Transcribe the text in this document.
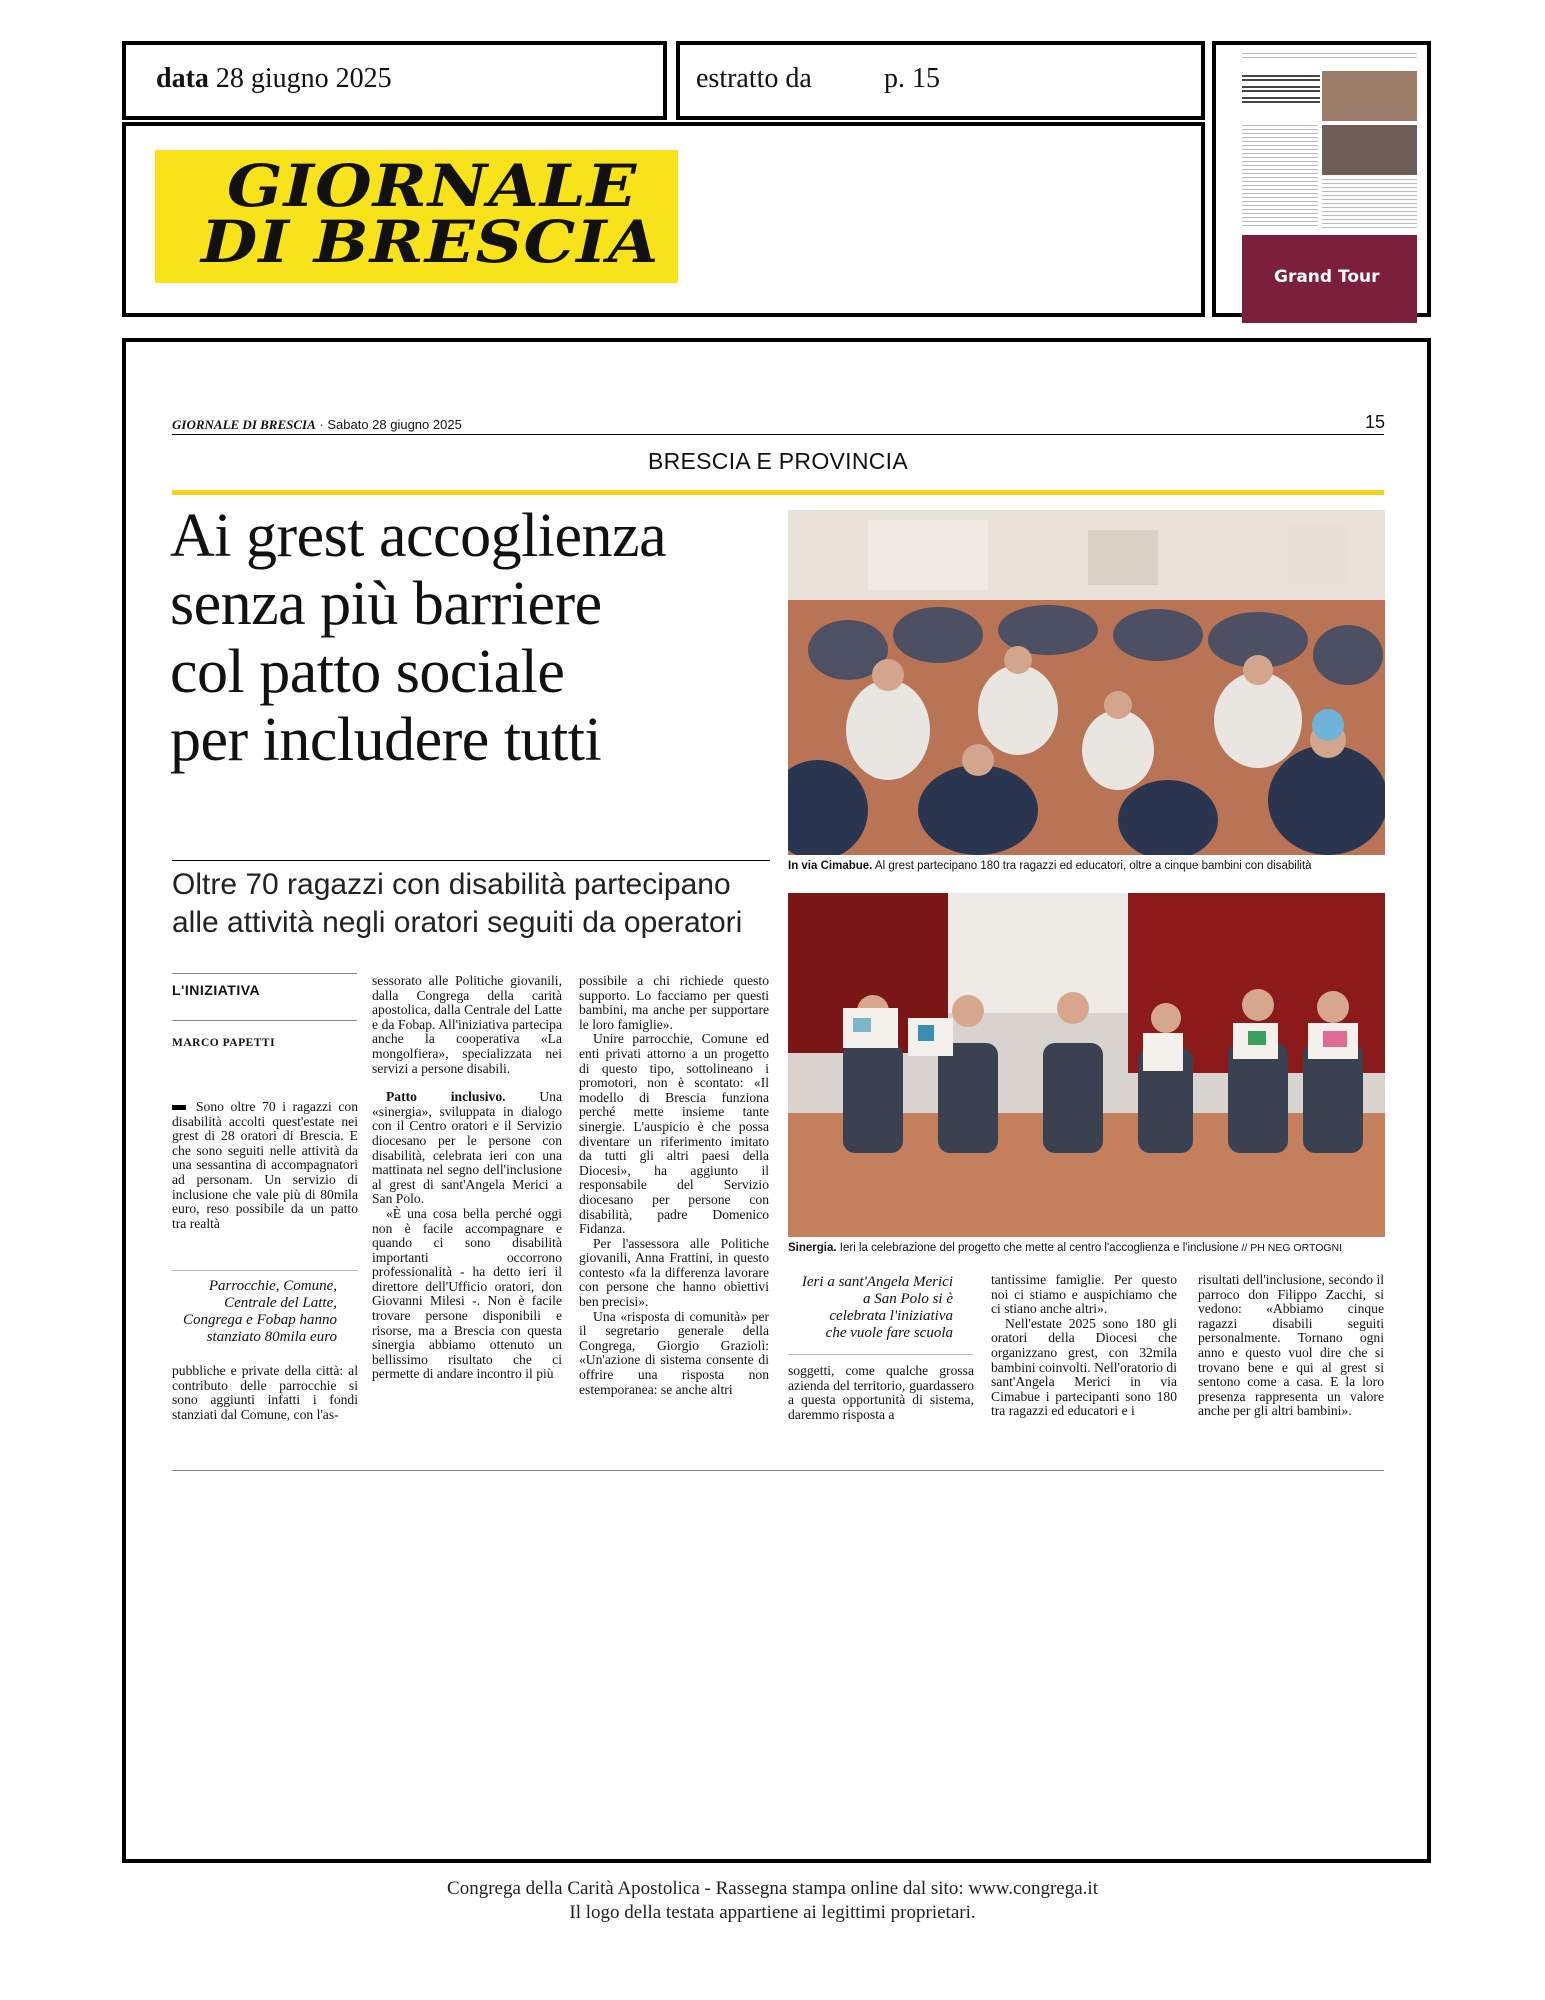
data 28 giugno 2025	estratto da	p. 15
GIORNALE
DI BRESCIA
Grand Tour
GIORNALE DI BRESCIA · Sabato 28 giugno 2025	15
BRESCIA E PROVINCIA
Ai grest accoglienza
senza più barriere
col patto sociale
per includere tutti
Oltre 70 ragazzi con disabilità partecipano
alle attività negli oratori seguiti da operatori
L'INIZIATIVA
MARCO PAPETTI

Sono oltre 70 i ragazzi con disabilità accolti quest'estate nei grest di 28 oratori di Brescia. E che sono seguiti nelle attività da una sessantina di accompagnatori ad personam. Un servizio di inclusione che vale più di 80mila euro, reso possibile da un patto tra realtà

Parrocchie, Comune,
Centrale del Latte,
Congrega e Fobap hanno
stanziato 80mila euro

pubbliche e private della città: al contributo delle parrocchie si sono aggiunti infatti i fondi stanziati dal Comune, con l'as-

sessorato alle Politiche giovanili, dalla Congrega della carità apostolica, dalla Centrale del Latte e da Fobap. All'iniziativa partecipa anche la cooperativa «La mongolfiera», specializzata nei servizi a persone disabili.

Patto inclusivo. Una «sinergia», sviluppata in dialogo con il Centro oratori e il Servizio diocesano per le persone con disabilità, celebrata ieri con una mattinata nel segno dell'inclusione al grest di sant'Angela Merici a San Polo.

«È una cosa bella perché oggi non è facile accompagnare e quando ci sono disabilità importanti occorrono professionalità - ha detto ieri il direttore dell'Ufficio oratori, don Giovanni Milesi -. Non è facile trovare persone disponibili e risorse, ma a Brescia con questa sinergia abbiamo ottenuto un bellissimo risultato che ci permette di andare incontro il più

possibile a chi richiede questo supporto. Lo facciamo per questi bambini, ma anche per supportare le loro famiglie».

Unire parrocchie, Comune ed enti privati attorno a un progetto di questo tipo, sottolineano i promotori, non è scontato: «Il modello di Brescia funziona perché mette insieme tante sinergie. L'auspicio è che possa diventare un riferimento imitato da tutti gli altri paesi della Diocesi», ha aggiunto il responsabile del Servizio diocesano per persone con disabilità, padre Domenico Fidanza.

Per l'assessora alle Politiche giovanili, Anna Frattini, in questo contesto «fa la differenza lavorare con persone che hanno obiettivi ben precisi».

Una «risposta di comunità» per il segretario generale della Congrega, Giorgio Graziolì: «Un'azione di sistema consente di offrire una risposta non estemporanea: se anche altri

In via Cimabue. Al grest partecipano 180 tra ragazzi ed educatori, oltre a cinque bambini con disabilità
Sinergia. Ieri la celebrazione del progetto che mette al centro l'accoglienza e l'inclusione // PH NEG ORTOGNI
Ieri a sant'Angela Merici
a San Polo si è
celebrata l'iniziativa
che vuole fare scuola

soggetti, come qualche grossa azienda del territorio, guardassero a questa opportunità di sistema, daremmo risposta a

tantissime famiglie. Per questo noi ci stiamo e auspichiamo che ci stiano anche altri».

Nell'estate 2025 sono 180 gli oratori della Diocesi che organizzano grest, con 32mila bambini coinvolti. Nell'oratorio di sant'Angela Merici in via Cimabue i partecipanti sono 180 tra ragazzi ed educatori e i

risultati dell'inclusione, secondo il parroco don Filippo Zacchi, si vedono: «Abbiamo cinque ragazzi disabili seguiti personalmente. Tornano ogni anno e questo vuol dire che si trovano bene e qui al grest si sentono come a casa. E la loro presenza rappresenta un valore anche per gli altri bambini».

Congrega della Carità Apostolica - Rassegna stampa online dal sito: www.congrega.it
Il logo della testata appartiene ai legittimi proprietari.
